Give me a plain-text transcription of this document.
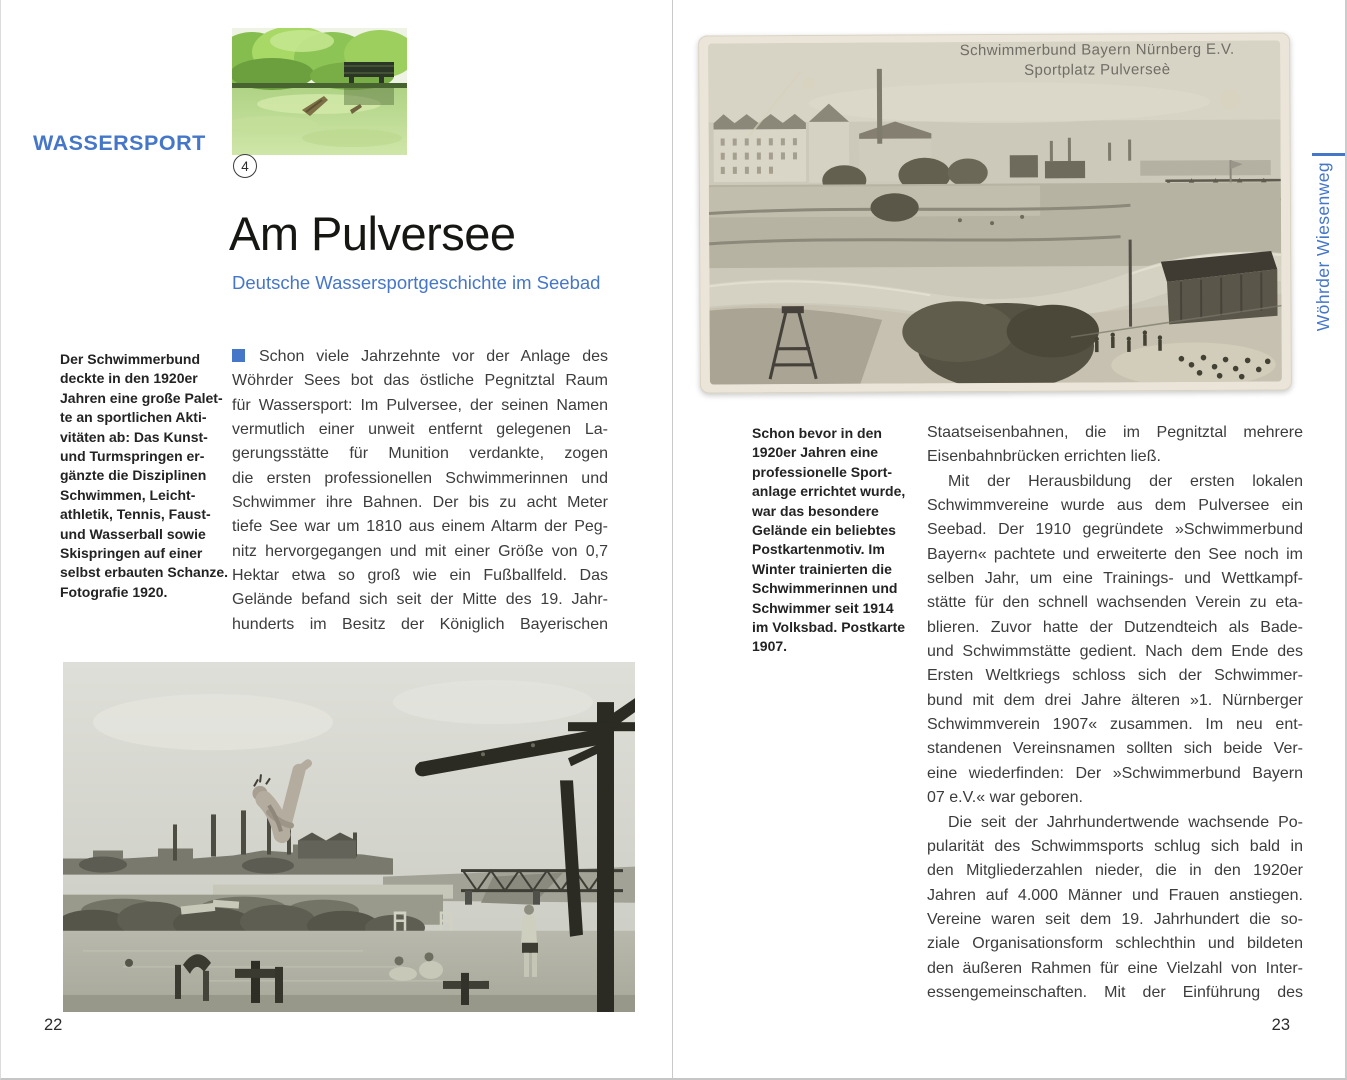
WASSERSPORT
4
Am Pulversee
Deutsche Wassersportgeschichte im Seebad
Der Schwimmerbund
deckte in den 1920er
Jahren eine große Palet-
te an sportlichen Akti-
vitäten ab: Das Kunst-
und Turmspringen er-
gänzte die Disziplinen
Schwimmen, Leicht-
athletik, Tennis, Faust-
und Wasserball sowie
Skispringen auf einer
selbst erbauten Schanze.
Fotografie 1920.
Schon viele Jahrzehnte vor der Anlage des
Wöhrder Sees bot das östliche Pegnitztal Raum
für Wassersport: Im Pulversee, der seinen Namen
vermutlich einer unweit entfernt gelegenen La-
gerungsstätte für Munition verdankte, zogen
die ersten professionellen Schwimmerinnen und
Schwimmer ihre Bahnen. Der bis zu acht Meter
tiefe See war um 1810 aus einem Altarm der Peg-
nitz hervorgegangen und mit einer Größe von 0,7
Hektar etwa so groß wie ein Fußballfeld. Das
Gelände befand sich seit der Mitte des 19. Jahr-
hunderts im Besitz der Königlich Bayerischen
22
Schwimmerbund Bayern Nürnberg E.V.
Sportplatz Pulverseè
Schon bevor in den
1920er Jahren eine
professionelle Sport-
anlage errichtet wurde,
war das besondere
Gelände ein beliebtes
Postkartenmotiv. Im
Winter trainierten die
Schwimmerinnen und
Schwimmer seit 1914
im Volksbad. Postkarte
1907.
Staatseisenbahnen, die im Pegnitztal mehrere
Eisenbahnbrücken errichten ließ.
Mit der Herausbildung der ersten lokalen
Schwimmvereine wurde aus dem Pulversee ein
Seebad. Der 1910 gegründete »Schwimmerbund
Bayern« pachtete und erweiterte den See noch im
selben Jahr, um eine Trainings- und Wettkampf-
stätte für den schnell wachsenden Verein zu eta-
blieren. Zuvor hatte der Dutzendteich als Bade-
und Schwimmstätte gedient. Nach dem Ende des
Ersten Weltkriegs schloss sich der Schwimmer-
bund mit dem drei Jahre älteren »1. Nürnberger
Schwimmverein 1907« zusammen. Im neu ent-
standenen Vereinsnamen sollten sich beide Ver-
eine wiederfinden: Der »Schwimmerbund Bayern
07 e.V.« war geboren.
Die seit der Jahrhundertwende wachsende Po-
pularität des Schwimmsports schlug sich bald in
den Mitgliederzahlen nieder, die in den 1920er
Jahren auf 4.000 Männer und Frauen anstiegen.
Vereine waren seit dem 19. Jahrhundert die so-
ziale Organisationsform schlechthin und bildeten
den äußeren Rahmen für eine Vielzahl von Inter-
essengemeinschaften. Mit der Einführung des
Wöhrder Wiesenweg
23
